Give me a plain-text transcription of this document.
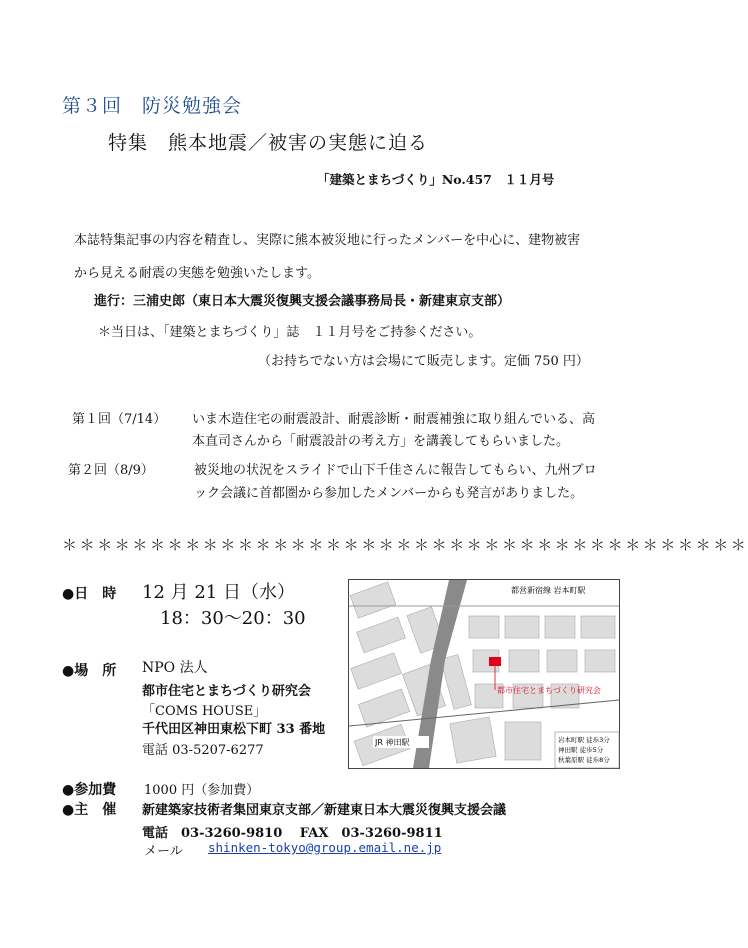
第３回　防災勉強会
特集　熊本地震／被害の実態に迫る
「建築とまちづくり」No.457　１１月号
本誌特集記事の内容を精査し、実際に熊本被災地に行ったメンバーを中心に、建物被害
から見える耐震の実態を勉強いたします。
進行：三浦史郎（東日本大震災復興支援会議事務局長・新建東京支部）
＊当日は、「建築とまちづくり」誌　１１月号をご持参ください。
（お持ちでない方は会場にて販売します。定価 750 円）
第１回（7/14） いま木造住宅の耐震設計、耐震診断・耐震補強に取り組んでいる、高
本直司さんから「耐震設計の考え方」を講義してもらいました。
第２回（8/9）	被災地の状況をスライドで山下千佳さんに報告してもらい、九州ブロ
ック会議に首都圏から参加したメンバーからも発言がありました。
＊＊＊＊＊＊＊＊＊＊＊＊＊＊＊＊＊＊＊＊＊＊＊＊＊＊＊＊＊＊＊＊＊＊＊＊＊＊＊
●日　時 12 月 21 日（水）
18：30〜20：30
●場　所 NPO 法人
都市住宅とまちづくり研究会
「COMS HOUSE」
千代田区神田東松下町 33 番地
電話 03-5207-6277
都市住宅とまちづくり研究会
都営新宿線 岩本町駅
JR 神田駅	岩本町駅 徒歩3分
神田駅 徒歩5分
秋葉原駅 徒歩8分
●参加費 1000 円（参加費）
●主　催 新建築家技術者集団東京支部／新建東日本大震災復興支援会議
電話　03-3260-9810　 FAX　03-3260-9811
メール shinken-tokyo@group.email.ne.jp
